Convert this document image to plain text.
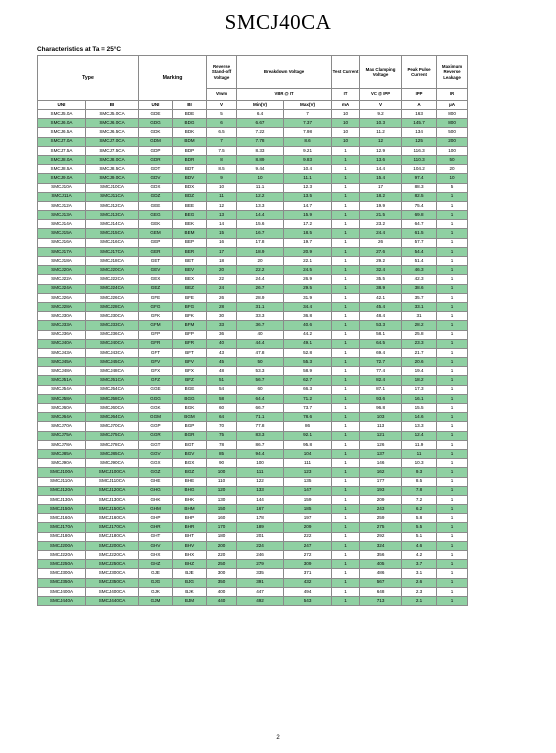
SMCJ40CA
Characteristics at Ta = 25°C
Type		Marking		Reverse Stand-off Voltage	Breakdown Voltage		Test Current	Max Clamping Voltage	Peak Pulse Current	Maximum Reverse Leakage
				Vrwm	VBR @ IT		IT	VC @ IPP	IPP	IR
UNI	BI	UNI	BI	V	Min(V)	Max(V)	mA	V	A	µA
SMCJ5.0A	SMCJ5.0CA	GDE	BDE	5	6.4	7	10	9.2	163	800
SMCJ6.0A	SMCJ6.0CA	GDG	BDG	6	6.67	7.37	10	10.3	145.7	800
SMCJ6.5A	SMCJ6.5CA	GDK	BDK	6.5	7.22	7.98	10	11.2	134	500
SMCJ7.0A	SMCJ7.0CA	GDM	BDM	7	7.78	8.6	10	12	125	200
SMCJ7.5A	SMCJ7.5CA	GDP	BDP	7.5	8.33	9.21	1	12.9	116.3	100
SMCJ8.0A	SMCJ8.0CA	GDR	BDR	8	8.89	9.83	1	13.6	110.3	50
SMCJ8.5A	SMCJ8.5CA	GDT	BDT	8.5	9.44	10.4	1	14.4	104.2	20
SMCJ9.0A	SMCJ9.0CA	GDV	BDV	9	10	11.1	1	15.4	97.4	10
SMCJ10A	SMCJ10CA	GDX	BDX	10	11.1	12.3	1	17	88.3	5
SMCJ11A	SMCJ11CA	GDZ	BDZ	11	12.2	13.5	1	18.2	82.5	1
SMCJ12A	SMCJ12CA	GEE	BEE	12	13.3	14.7	1	19.9	75.4	1
SMCJ13A	SMCJ13CA	GEG	BEG	13	14.4	15.9	1	21.5	69.8	1
SMCJ14A	SMCJ14CA	GEK	BEK	14	15.6	17.2	1	23.2	64.7	1
SMCJ15A	SMCJ15CA	GEM	BEM	15	16.7	18.5	1	24.4	61.5	1
SMCJ16A	SMCJ16CA	GEP	BEP	16	17.8	19.7	1	26	57.7	1
SMCJ17A	SMCJ17CA	GER	BER	17	18.9	20.9	1	27.6	54.4	1
SMCJ18A	SMCJ18CA	GET	BET	18	20	22.1	1	29.2	51.4	1
SMCJ20A	SMCJ20CA	GEV	BEV	20	22.2	24.5	1	32.4	46.3	1
SMCJ22A	SMCJ22CA	GEX	BEX	22	24.4	26.9	1	35.5	42.3	1
SMCJ24A	SMCJ24CA	GEZ	BEZ	24	26.7	29.5	1	38.9	38.6	1
SMCJ26A	SMCJ26CA	GFE	BFE	26	28.9	31.9	1	42.1	35.7	1
SMCJ28A	SMCJ28CA	GFG	BFG	28	31.1	34.4	1	45.4	33.1	1
SMCJ30A	SMCJ30CA	GFK	BFK	30	33.3	36.8	1	48.4	31	1
SMCJ33A	SMCJ33CA	GFM	BFM	33	36.7	40.6	1	53.3	28.2	1
SMCJ36A	SMCJ36CA	GFP	BFP	36	40	44.2	1	58.1	25.8	1
SMCJ40A	SMCJ40CA	GFR	BFR	40	44.4	49.1	1	64.5	23.3	1
SMCJ43A	SMCJ43CA	GFT	BFT	43	47.8	52.8	1	69.4	21.7	1
SMCJ45A	SMCJ45CA	GFV	BFV	45	50	55.3	1	72.7	20.6	1
SMCJ48A	SMCJ48CA	GFX	BFX	48	53.3	58.9	1	77.4	19.4	1
SMCJ51A	SMCJ51CA	GFZ	BFZ	51	56.7	62.7	1	82.4	18.2	1
SMCJ54A	SMCJ54CA	GGE	BGE	54	60	66.3	1	87.1	17.3	1
SMCJ58A	SMCJ58CA	GGG	BGG	58	64.4	71.2	1	93.6	16.1	1
SMCJ60A	SMCJ60CA	GGK	BGK	60	66.7	73.7	1	96.8	15.5	1
SMCJ64A	SMCJ64CA	GGM	BGM	64	71.1	78.6	1	103	14.6	1
SMCJ70A	SMCJ70CA	GGP	BGP	70	77.8	86	1	113	13.3	1
SMCJ75A	SMCJ75CA	GGR	BGR	75	83.3	92.1	1	121	12.4	1
SMCJ78A	SMCJ78CA	GGT	BGT	78	86.7	95.8	1	126	11.9	1
SMCJ85A	SMCJ85CA	GGV	BGV	85	94.4	104	1	137	11	1
SMCJ90A	SMCJ90CA	GGX	BGX	90	100	111	1	146	10.3	1
SMCJ100A	SMCJ100CA	GGZ	BGZ	100	111	123	1	162	9.3	1
SMCJ110A	SMCJ110CA	GHE	BHE	110	122	135	1	177	8.5	1
SMCJ120A	SMCJ120CA	GHG	BHG	120	133	147	1	193	7.8	1
SMCJ130A	SMCJ130CA	GHK	BHK	130	144	159	1	209	7.2	1
SMCJ150A	SMCJ150CA	GHM	BHM	150	167	185	1	243	6.2	1
SMCJ160A	SMCJ160CA	GHP	BHP	160	178	197	1	259	5.8	1
SMCJ170A	SMCJ170CA	GHR	BHR	170	189	209	1	275	5.5	1
SMCJ180A	SMCJ180CA	GHT	BHT	180	201	222	1	292	5.1	1
SMCJ200A	SMCJ200CA	GHV	BHV	200	224	247	1	324	4.6	1
SMCJ220A	SMCJ220CA	GHX	BHX	220	246	272	1	356	4.2	1
SMCJ250A	SMCJ250CA	GHZ	BHZ	250	279	309	1	405	3.7	1
SMCJ300A	SMCJ300CA	GJE	BJE	300	335	371	1	486	3.1	1
SMCJ350A	SMCJ350CA	GJG	BJG	350	391	432	1	567	2.6	1
SMCJ400A	SMCJ400CA	GJK	BJK	400	447	494	1	648	2.3	1
SMCJ440A	SMCJ440CA	GJM	BJM	440	492	543	1	713	2.1	1
2
